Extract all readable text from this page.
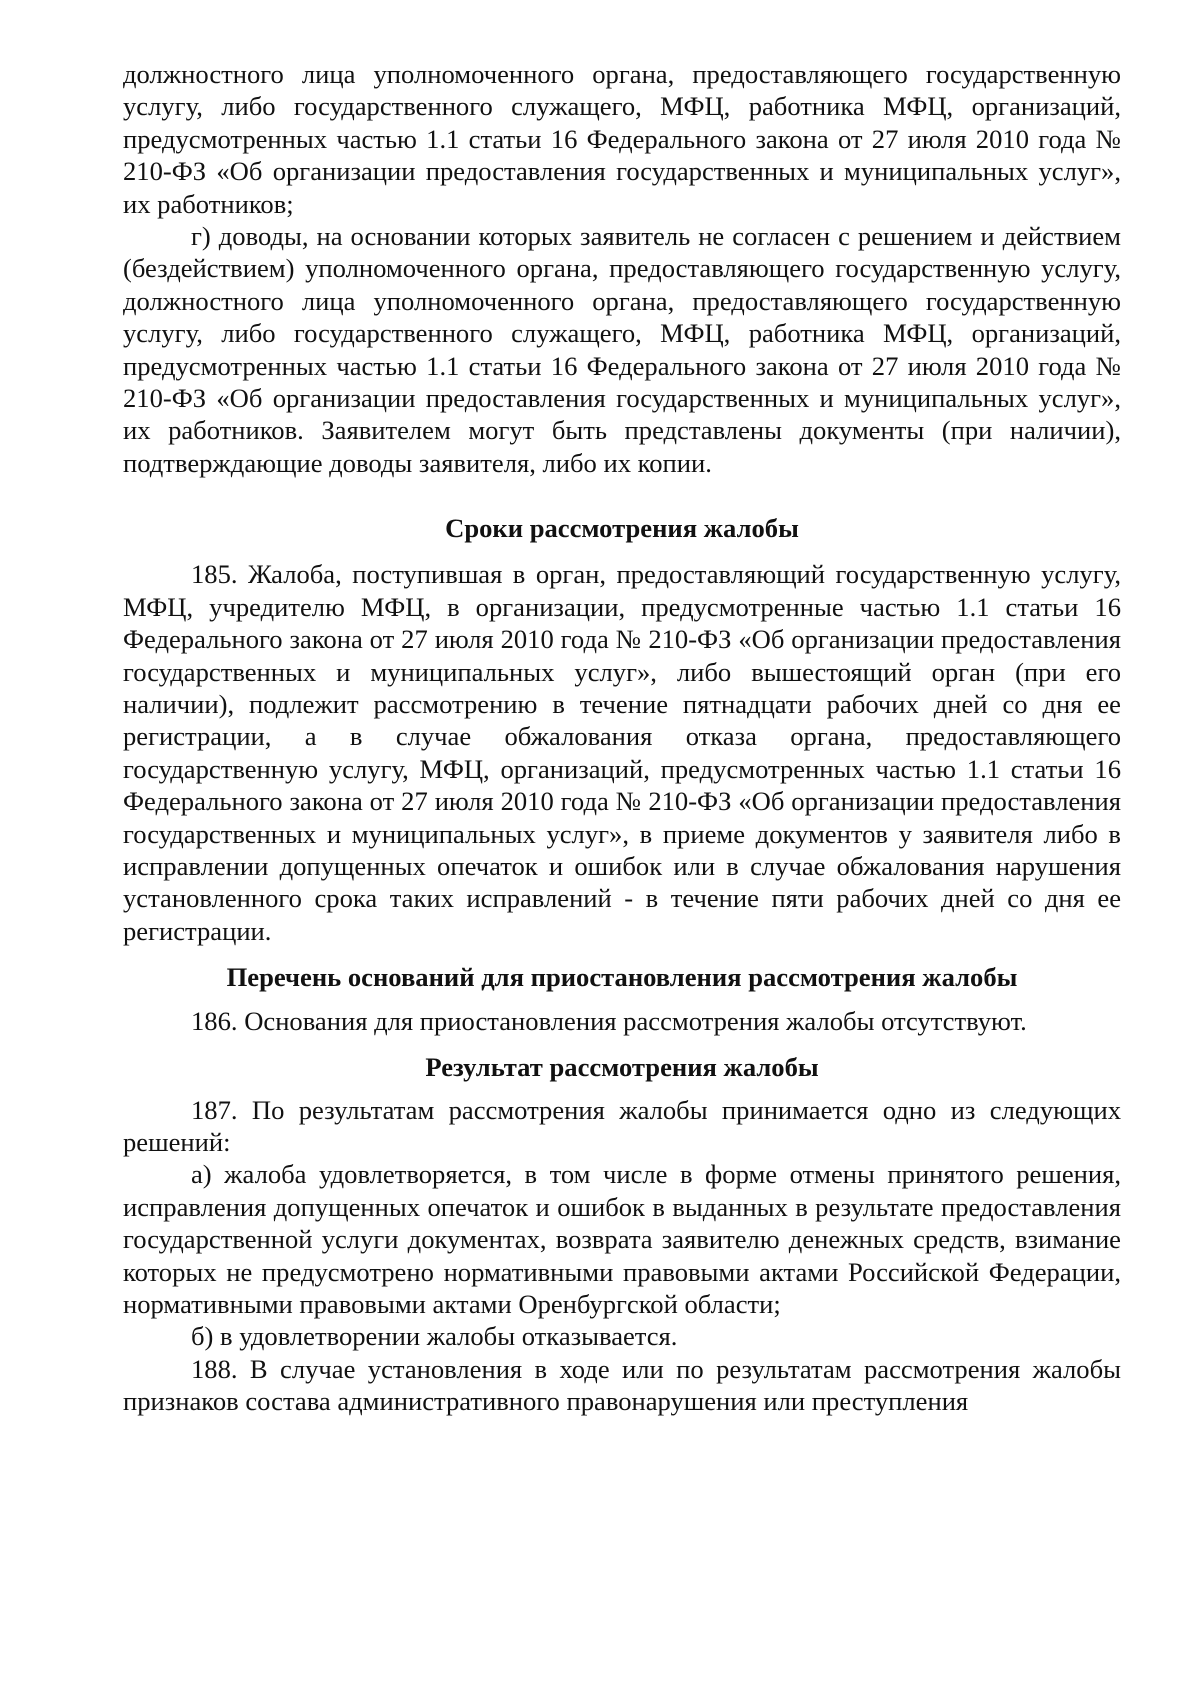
должностного лица уполномоченного органа, предоставляющего государственную услугу, либо государственного служащего, МФЦ, работника МФЦ, организаций, предусмотренных частью 1.1 статьи 16 Федерального закона от 27 июля 2010 года № 210-ФЗ «Об организации предоставления государственных и муниципальных услуг», их работников;

г) доводы, на основании которых заявитель не согласен с решением и действием (бездействием) уполномоченного органа, предоставляющего государственную услугу, должностного лица уполномоченного органа, предоставляющего государственную услугу, либо государственного служащего, МФЦ, работника МФЦ, организаций, предусмотренных частью 1.1 статьи 16 Федерального закона от 27 июля 2010 года № 210-ФЗ «Об организации предоставления государственных и муниципальных услуг», их работников. Заявителем могут быть представлены документы (при наличии), подтверждающие доводы заявителя, либо их копии.

Сроки рассмотрения жалобы

185. Жалоба, поступившая в орган, предоставляющий государственную услугу, МФЦ, учредителю МФЦ, в организации, предусмотренные частью 1.1 статьи 16 Федерального закона от 27 июля 2010 года № 210-ФЗ «Об организации предоставления государственных и муниципальных услуг», либо вышестоящий орган (при его наличии), подлежит рассмотрению в течение пятнадцати рабочих дней со дня ее регистрации, а в случае обжалования отказа органа, предоставляющего государственную услугу, МФЦ, организаций, предусмотренных частью 1.1 статьи 16 Федерального закона от 27 июля 2010 года № 210-ФЗ «Об организации предоставления государственных и муниципальных услуг», в приеме документов у заявителя либо в исправлении допущенных опечаток и ошибок или в случае обжалования нарушения установленного срока таких исправлений - в течение пяти рабочих дней со дня ее регистрации.

Перечень оснований для приостановления рассмотрения жалобы

186. Основания для приостановления рассмотрения жалобы отсутствуют.

Результат рассмотрения жалобы

187. По результатам рассмотрения жалобы принимается одно из следующих решений:

а) жалоба удовлетворяется, в том числе в форме отмены принятого решения, исправления допущенных опечаток и ошибок в выданных в результате предоставления государственной услуги документах, возврата заявителю денежных средств, взимание которых не предусмотрено нормативными правовыми актами Российской Федерации, нормативными правовыми актами Оренбургской области;

б) в удовлетворении жалобы отказывается.

188. В случае установления в ходе или по результатам рассмотрения жалобы признаков состава административного правонарушения или преступления
